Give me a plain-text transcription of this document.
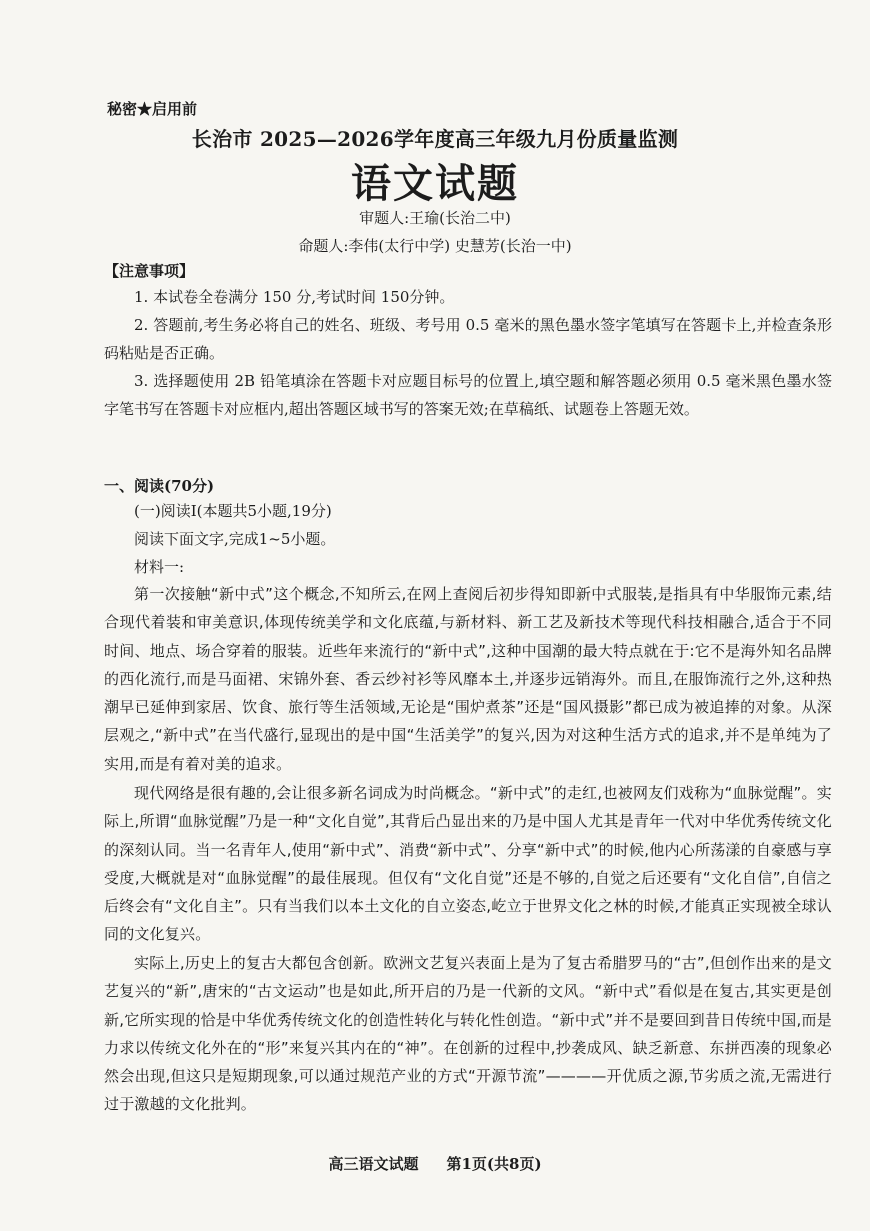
秘密★启用前
长治市 2025—2026学年度高三年级九月份质量监测
语文试题
审题人:王瑜(长治二中)
命题人:李伟(太行中学) 史慧芳(长治一中)
【注意事项】
1. 本试卷全卷满分 150 分,考试时间 150分钟。
2. 答题前,考生务必将自己的姓名、班级、考号用 0.5 毫米的黑色墨水签字笔填写在答题卡上,并检查条形码粘贴是否正确。
3. 选择题使用 2B 铅笔填涂在答题卡对应题目标号的位置上,填空题和解答题必须用 0.5 毫米黑色墨水签字笔书写在答题卡对应框内,超出答题区域书写的答案无效;在草稿纸、试题卷上答题无效。
一、阅读(70分)
(一)阅读Ⅰ(本题共5小题,19分)
阅读下面文字,完成1~5小题。
材料一:
第一次接触“新中式”这个概念,不知所云,在网上查阅后初步得知即新中式服装,是指具有中华服饰元素,结合现代着装和审美意识,体现传统美学和文化底蕴,与新材料、新工艺及新技术等现代科技相融合,适合于不同时间、地点、场合穿着的服装。近些年来流行的“新中式”,这种中国潮的最大特点就在于:它不是海外知名品牌的西化流行,而是马面裙、宋锦外套、香云纱衬衫等风靡本土,并逐步远销海外。而且,在服饰流行之外,这种热潮早已延伸到家居、饮食、旅行等生活领域,无论是“围炉煮茶”还是“国风摄影”都已成为被追捧的对象。从深层观之,“新中式”在当代盛行,显现出的是中国“生活美学”的复兴,因为对这种生活方式的追求,并不是单纯为了实用,而是有着对美的追求。
现代网络是很有趣的,会让很多新名词成为时尚概念。“新中式”的走红,也被网友们戏称为“血脉觉醒”。实际上,所谓“血脉觉醒”乃是一种“文化自觉”,其背后凸显出来的乃是中国人尤其是青年一代对中华优秀传统文化的深刻认同。当一名青年人,使用“新中式”、消费“新中式”、分享“新中式”的时候,他内心所荡漾的自豪感与享受度,大概就是对“血脉觉醒”的最佳展现。但仅有“文化自觉”还是不够的,自觉之后还要有“文化自信”,自信之后终会有“文化自主”。只有当我们以本土文化的自立姿态,屹立于世界文化之林的时候,才能真正实现被全球认同的文化复兴。
实际上,历史上的复古大都包含创新。欧洲文艺复兴表面上是为了复古希腊罗马的“古”,但创作出来的是文艺复兴的“新”,唐宋的“古文运动”也是如此,所开启的乃是一代新的文风。“新中式”看似是在复古,其实更是创新,它所实现的恰是中华优秀传统文化的创造性转化与转化性创造。“新中式”并不是要回到昔日传统中国,而是力求以传统文化外在的“形”来复兴其内在的“神”。在创新的过程中,抄袭成风、缺乏新意、东拼西凑的现象必然会出现,但这只是短期现象,可以通过规范产业的方式“开源节流”————开优质之源,节劣质之流,无需进行过于激越的文化批判。
高三语文试题 第1页(共8页)
